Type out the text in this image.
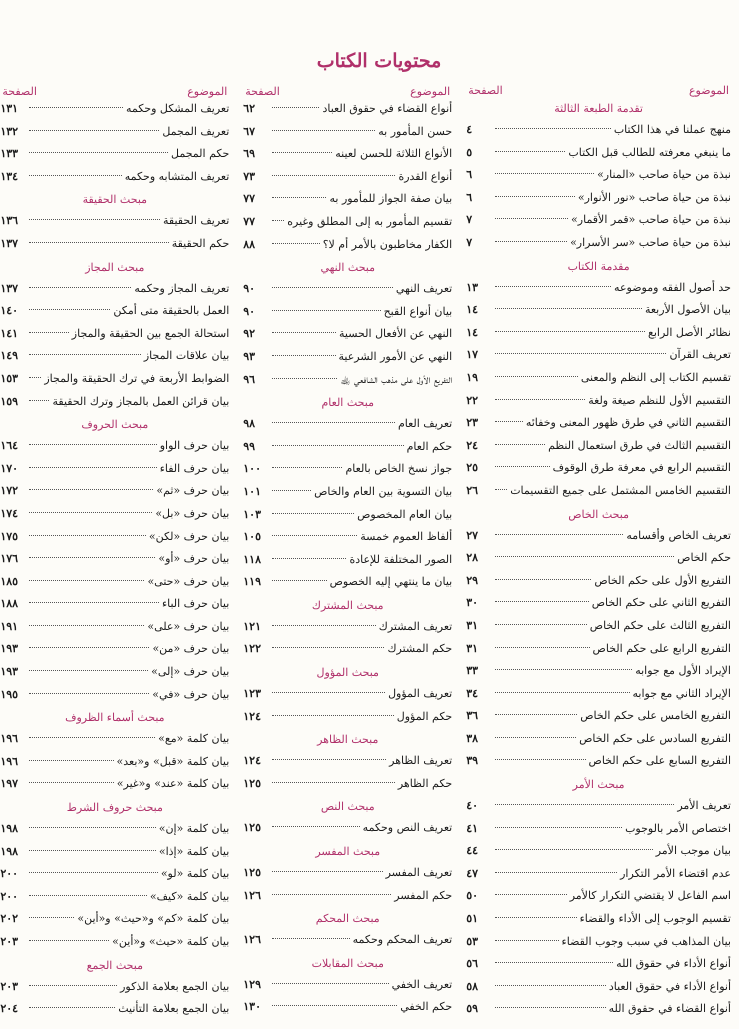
محتويات الكتاب
الموضوع
الصفحة
تقدمة الطبعة الثالثة
منهج عملنا في هذا الكتاب
٤
ما ينبغي معرفته للطالب قبل الكتاب
٥
نبذة من حياة صاحب «المنار»
٦
نبذة من حياة صاحب «نور الأنوار»
٦
نبذة من حياة صاحب «قمر الأقمار»
٧
نبذة من حياة صاحب «سر الأسرار»
٧
مقدمة الكتاب
حد أصول الفقه وموضوعه
١٣
بيان الأصول الأربعة
١٤
نظائر الأصل الرابع
١٤
تعريف القرآن
١٧
تقسيم الكتاب إلى النظم والمعنى
١٩
التقسيم الأول للنظم صيغة ولغة
٢٢
التقسيم الثاني في طرق ظهور المعنى وخفائه
٢٣
التقسيم الثالث في طرق استعمال النظم
٢٤
التقسيم الرابع في معرفة طرق الوقوف
٢٥
التقسيم الخامس المشتمل على جميع التقسيمات
٢٦
مبحث الخاص
تعريف الخاص وأقسامه
٢٧
حكم الخاص
٢٨
التفريع الأول على حكم الخاص
٢٩
التفريع الثاني على حكم الخاص
٣٠
التفريع الثالث على حكم الخاص
٣١
التفريع الرابع على حكم الخاص
٣١
الإيراد الأول مع جوابه
٣٣
الإيراد الثاني مع جوابه
٣٤
التفريع الخامس على حكم الخاص
٣٦
التفريع السادس على حكم الخاص
٣٨
التفريع السابع على حكم الخاص
٣٩
مبحث الأمر
تعريف الأمر
٤٠
اختصاص الأمر بالوجوب
٤١
بيان موجب الأمر
٤٤
عدم اقتضاء الأمر التكرار
٤٧
اسم الفاعل لا يقتضي التكرار كالأمر
٥٠
تقسيم الوجوب إلى الأداء والقضاء
٥١
بيان المذاهب في سبب وجوب القضاء
٥٣
أنواع الأداء في حقوق الله
٥٦
أنواع الأداء في حقوق العباد
٥٨
أنواع القضاء في حقوق الله
٥٩
الموضوع
الصفحة
أنواع القضاء في حقوق العباد
٦٢
حسن المأمور به
٦٧
الأنواع الثلاثة للحسن لعينه
٦٩
أنواع القدرة
٧٣
بيان صفة الجواز للمأمور به
٧٧
تقسيم المأمور به إلى المطلق وغيره
٧٧
الكفار مخاطبون بالأمر أم لا؟
٨٨
مبحث النهي
تعريف النهي
٩٠
بيان أنواع القبح
٩٠
النهي عن الأفعال الحسية
٩٢
النهي عن الأمور الشرعية
٩٣
التفريع الأول على مذهب الشافعي ﵀
٩٦
مبحث العام
تعريف العام
٩٨
حكم العام
٩٩
جواز نسخ الخاص بالعام
١٠٠
بيان التسوية بين العام والخاص
١٠١
بيان العام المخصوص
١٠٣
ألفاظ العموم خمسة
١٠٥
الصور المختلفة للإعادة
١١٨
بيان ما ينتهي إليه الخصوص
١١٩
مبحث المشترك
تعريف المشترك
١٢١
حكم المشترك
١٢٢
مبحث المؤول
تعريف المؤول
١٢٣
حكم المؤول
١٢٤
مبحث الظاهر
تعريف الظاهر
١٢٤
حكم الظاهر
١٢٥
مبحث النص
تعريف النص وحكمه
١٢٥
مبحث المفسر
تعريف المفسر
١٢٥
حكم المفسر
١٢٦
مبحث المحكم
تعريف المحكم وحكمه
١٢٦
مبحث المقابلات
تعريف الخفي
١٢٩
حكم الخفي
١٣٠
الموضوع
الصفحة
تعريف المشكل وحكمه
١٣١
تعريف المجمل
١٣٢
حكم المجمل
١٣٣
تعريف المتشابه وحكمه
١٣٤
مبحث الحقيقة
تعريف الحقيقة
١٣٦
حكم الحقيقة
١٣٧
مبحث المجاز
تعريف المجاز وحكمه
١٣٧
العمل بالحقيقة متى أمكن
١٤٠
استحالة الجمع بين الحقيقة والمجاز
١٤١
بيان علاقات المجاز
١٤٩
الضوابط الأربعة في ترك الحقيقة والمجاز
١٥٣
بيان قرائن العمل بالمجاز وترك الحقيقة
١٥٩
مبحث الحروف
بيان حرف الواو
١٦٤
بيان حرف الفاء
١٧٠
بيان حرف «ثم»
١٧٢
بيان حرف «بل»
١٧٤
بيان حرف «لكن»
١٧٥
بيان حرف «أو»
١٧٦
بيان حرف «حتى»
١٨٥
بيان حرف الباء
١٨٨
بيان حرف «على»
١٩١
بيان حرف «من»
١٩٣
بيان حرف «إلى»
١٩٣
بيان حرف «في»
١٩٥
مبحث أسماء الظروف
بيان كلمة «مع»
١٩٦
بيان كلمة «قبل» و«بعد»
١٩٦
بيان كلمة «عند» و«غير»
١٩٧
مبحث حروف الشرط
بيان كلمة «إن»
١٩٨
بيان كلمة «إذا»
١٩٨
بيان كلمة «لو»
٢٠٠
بيان كلمة «كيف»
٢٠٠
بيان كلمة «كم» و«حيث» و«أين»
٢٠٢
بيان كلمة «حيث» و«أين»
٢٠٣
مبحث الجمع
بيان الجمع بعلامة الذكور
٢٠٣
بيان الجمع بعلامة التأنيث
٢٠٤
